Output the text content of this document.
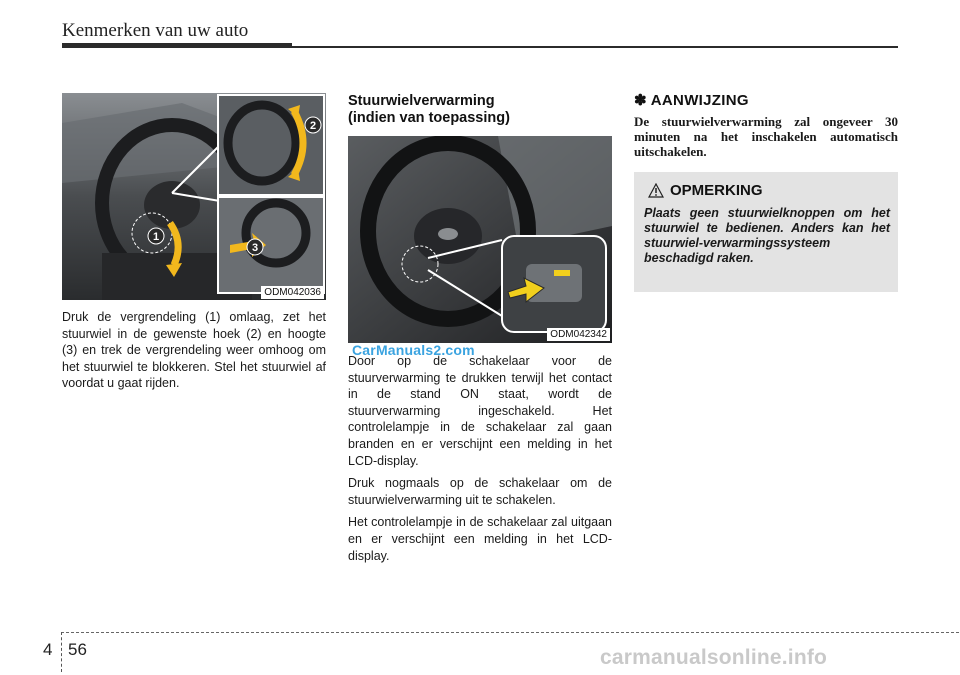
Kenmerken van uw auto
1
2
3
ODM042036
ODM042342

Druk de vergrendeling (1) omlaag, zet het stuurwiel in de gewenste hoek (2) en hoogte (3) en trek de vergrendeling weer omhoog om het stuurwiel te blokkeren. Stel het stuurwiel af voordat u gaat rijden.

Stuurwielverwarming
(indien van toepassing)

Door op de schakelaar voor de stuurverwarming te drukken terwijl het contact in de stand ON staat, wordt de stuurverwarming ingeschakeld. Het controlelampje in de schakelaar zal gaan branden en er verschijnt een melding in het LCD-display.

Druk nogmaals op de schakelaar om de stuurwielverwarming uit te schakelen.

Het controlelampje in de schakelaar zal uitgaan en er verschijnt een melding in het LCD-display.

✽ AANWIJZING
De stuurwielverwarming zal ongeveer 30 minuten na het inschakelen automatisch uitschakelen.
OPMERKING
Plaats geen stuurwielknoppen om het stuurwiel te bedienen. Anders kan het stuurwiel-verwarmingssysteem beschadigd raken.
CarManuals2.com
carmanualsonline.info
4 56
